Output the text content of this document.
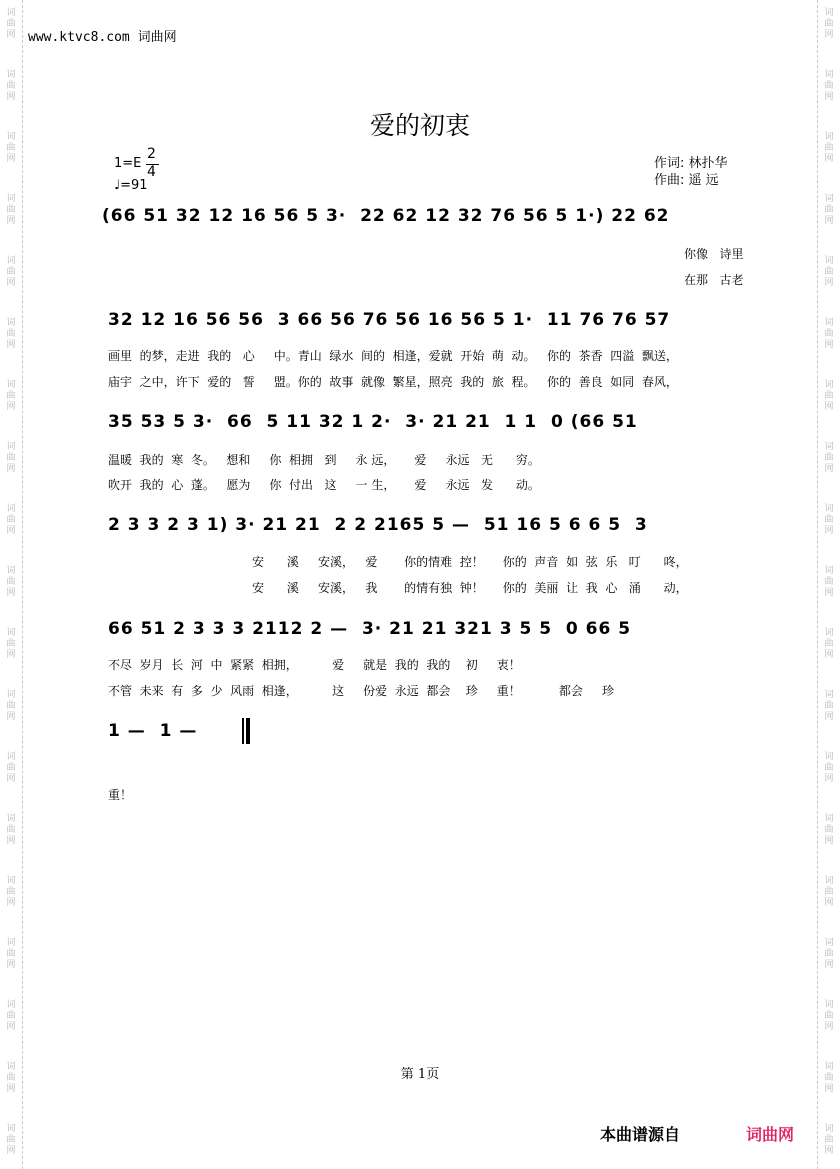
词
曲
网
词
曲
网
词
曲
网
词
曲
网
词
曲
网
词
曲
网
词
曲
网
词
曲
网
词
曲
网
词
曲
网
词
曲
网
词
曲
网
词
曲
网
词
曲
网
词
曲
网
词
曲
网
词
曲
网
词
曲
网
词
曲
网
词
曲
网
词
曲
网
词
曲
网
词
曲
网
词
曲
网
词
曲
网
词
曲
网
词
曲
网
词
曲
网
词
曲
网
词
曲
网
词
曲
网
词
曲
网
词
曲
网
词
曲
网
词
曲
网
词
曲
网
词
曲
网
词
曲
网
www.ktvc8.com 词曲网
爱的初衷
1=E
2
4
♩=91
作词: 林扑华
作曲: 遥 远
(66 51 32 12 16 56 5 3·  22 62 12 32 76 56 5 1·) 22 62
你像   诗里
在那   古老
32 12 16 56 56  3 66 56 76 56 16 56 5 1·  11 76 76 57
画里  的梦，走进  我的   心     中。青山  绿水  间的  相逢，爱就  开始  萌  动。   你的  茶香  四溢  飘送，
庙宇  之中，许下  爱的   誓     盟。你的  故事  就像  繁星，照亮  我的  旅  程。   你的  善良  如同  春风，
35 53 5 3·  66  5 11 32 1 2·  3· 21 21  1 1  0 (66 51
温暖  我的  寒  冬。   想和     你  相拥   到     永 远，     爱     永远   无      穷。
吹开  我的  心  蓬。   愿为     你  付出   这     一 生，     爱     永远   发      动。
2 3 3 2 3 1) 3· 21 21  2 2 2165 5 —  51 16 5 6 6 5  3
安      溪     安溪，   爱       你的情难  控！     你的  声音  如  弦  乐   叮      咚，
安      溪     安溪，   我       的情有独  钟！     你的  美丽  让  我  心   涌      动，
66 51 2 3 3 3 2112 2 —  3· 21 21 321 3 5 5  0 66 5
不尽  岁月  长  河  中  紧紧  相拥，         爱     就是  我的  我的    初     衷！
不管  未来  有  多  少  风雨  相逢，         这     份爱  永远  都会    珍     重！          都会     珍
1 —  1 —
重！
第 1页
本曲谱源自	词曲网
